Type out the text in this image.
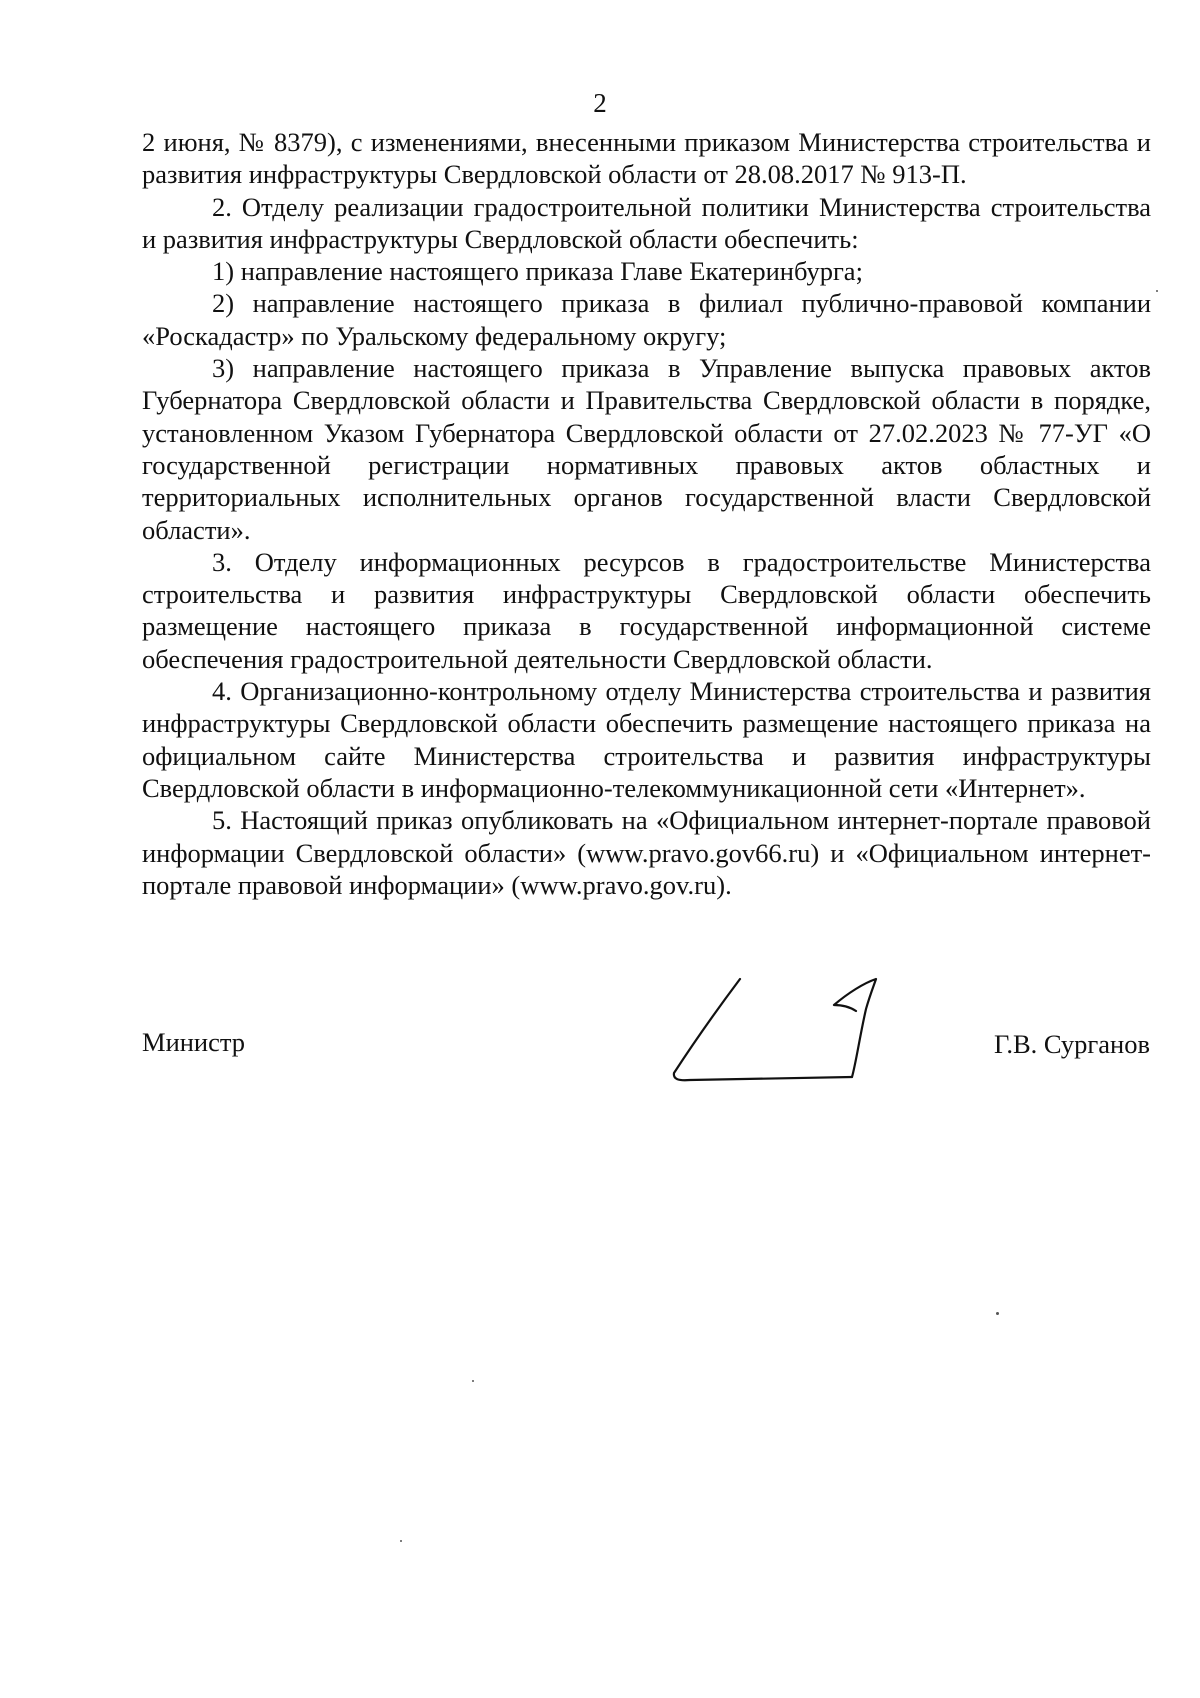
2

2 июня, № 8379), с изменениями, внесенными приказом Министерства строительства и развития инфраструктуры Свердловской области от 28.08.2017 № 913-П.

2. Отделу реализации градостроительной политики Министерства строительства и развития инфраструктуры Свердловской области обеспечить:

1) направление настоящего приказа Главе Екатеринбурга;

2) направление настоящего приказа в филиал публично-правовой компании «Роскадастр» по Уральскому федеральному округу;

3) направление настоящего приказа в Управление выпуска правовых актов Губернатора Свердловской области и Правительства Свердловской области в порядке, установленном Указом Губернатора Свердловской области от 27.02.2023 № 77-УГ «О государственной регистрации нормативных правовых актов областных и территориальных исполнительных органов государственной власти Свердловской области».

3. Отделу информационных ресурсов в градостроительстве Министерства строительства и развития инфраструктуры Свердловской области обеспечить размещение настоящего приказа в государственной информационной системе обеспечения градостроительной деятельности Свердловской области.

4. Организационно-контрольному отделу Министерства строительства и развития инфраструктуры Свердловской области обеспечить размещение настоящего приказа на официальном сайте Министерства строительства и развития инфраструктуры Свердловской области в информационно-телекоммуникационной сети «Интернет».

5. Настоящий приказ опубликовать на «Официальном интернет-портале правовой информации Свердловской области» (www.pravo.gov66.ru) и «Официальном интернет-портале правовой информации» (www.pravo.gov.ru).

Министр	Г.В. Сурганов
